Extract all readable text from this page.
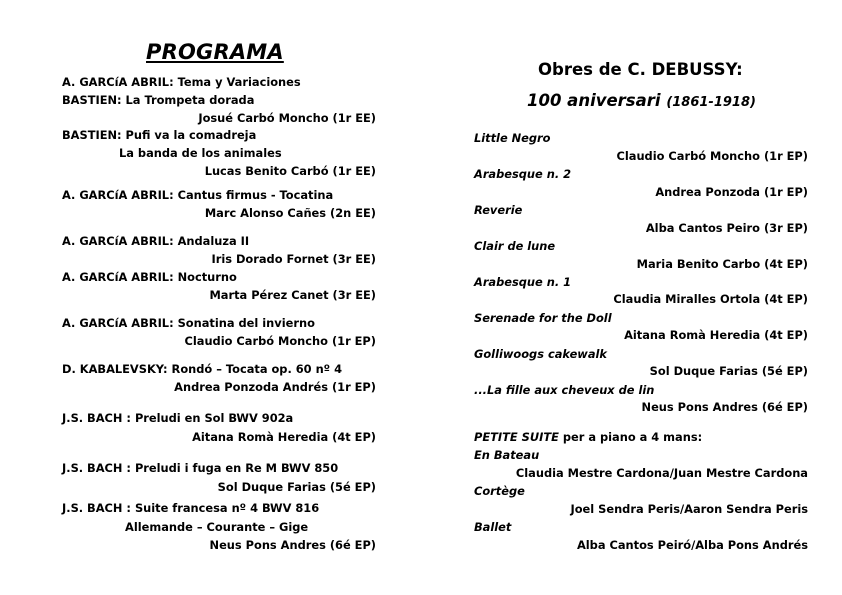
PROGRAMA
A. GARCíA ABRIL: Tema y Variaciones
BASTIEN: La Trompeta dorada
Josué Carbó Moncho (1r EE)
BASTIEN: Pufi va la comadreja
La banda de los animales
Lucas Benito Carbó (1r EE)
A. GARCíA ABRIL: Cantus firmus - Tocatina
Marc Alonso Cañes (2n EE)
A. GARCíA ABRIL: Andaluza II
Iris Dorado Fornet (3r EE)
A. GARCíA ABRIL: Nocturno
Marta Pérez Canet (3r EE)
A. GARCíA ABRIL: Sonatina del invierno
Claudio Carbó Moncho (1r EP)
D. KABALEVSKY: Rondó – Tocata op. 60 nº 4
Andrea Ponzoda Andrés (1r EP)
J.S. BACH : Preludi en Sol BWV 902a
Aitana Romà Heredia (4t EP)
J.S. BACH : Preludi i fuga en Re M BWV 850
Sol Duque Farias (5é EP)
J.S. BACH : Suite francesa nº 4 BWV 816
Allemande – Courante – Gige
Neus Pons Andres (6é EP)
Obres de C. DEBUSSY:
100 aniversari (1861-1918)
Little Negro
Claudio Carbó Moncho (1r EP)
Arabesque n. 2
Andrea Ponzoda (1r EP)
Reverie
Alba Cantos Peiro (3r EP)
Clair de lune
Maria Benito Carbo (4t EP)
Arabesque n. 1
Claudia Miralles Ortola (4t EP)
Serenade for the Doll
Aitana Romà Heredia (4t EP)
Golliwoogs cakewalk
Sol Duque Farias (5é EP)
...La fille aux cheveux de lin
Neus Pons Andres (6é EP)
PETITE SUITE per a piano a 4 mans:
En Bateau
Claudia Mestre Cardona/Juan Mestre Cardona
Cortège
Joel Sendra Peris/Aaron Sendra Peris
Ballet
Alba Cantos Peiró/Alba Pons Andrés
